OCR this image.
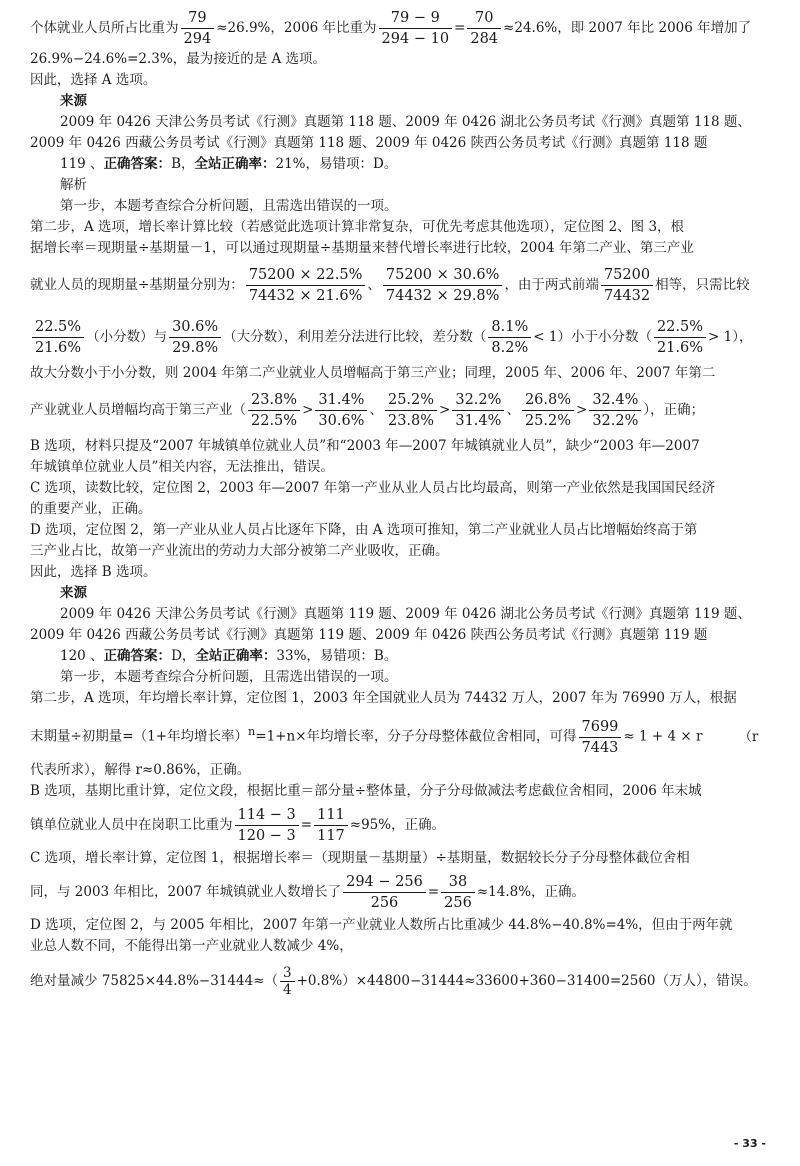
个体就业人员所占比重为 $\frac{79}{294} \approx 26.9\%$，2006 年比重为 $\frac{79 - 9}{294 - 10} = \frac{70}{284} \approx 24.6\%$，即 2007 年比 2006 年增加了

26.9%−24.6%=2.3%，最为接近的是 A 选项。

因此，选择 A 选项。

来源

2009 年 0426 天津公务员考试《行测》真题第 118 题、2009 年 0426 湖北公务员考试《行测》真题第 118 题、

2009 年 0426 西藏公务员考试《行测》真题第 118 题、2009 年 0426 陕西公务员考试《行测》真题第 118 题

119 、正确答案：B，全站正确率：21%，易错项：D。

解析

第一步，本题考查综合分析问题，且需选出错误的一项。

第二步，A 选项，增长率计算比较（若感觉此选项计算非常复杂，可优先考虑其他选项），定位图 2、图 3，根

据增长率＝现期量÷基期量－1，可以通过现期量÷基期量来替代增长率进行比较，2004 年第二产业、第三产业

就业人员的现期量÷基期量分别为： $\frac{75200 \times 22.5\%}{74432 \times 21.6\%}$ 、 $\frac{75200 \times 30.6\%}{74432 \times 29.8\%}$ ，由于两式前端 $\frac{75200}{74432}$ 相等，只需比较

$\frac{22.5\%}{21.6\%}$ （小分数）与 $\frac{30.6\%}{29.8\%}$ （大分数），利用差分法进行比较，差分数（ $\frac{8.1\%}{8.2\%} < 1$）小于小分数（ $\frac{22.5\%}{21.6\%} > 1$），

故大分数小于小分数，则 2004 年第二产业就业人员增幅高于第三产业；同理，2005 年、2006 年、2007 年第二

产业就业人员增幅均高于第三产业（ $\frac{23.8\%}{22.5\%} > \frac{31.4\%}{30.6\%}$ 、 $\frac{25.2\%}{23.8\%} > \frac{32.2\%}{31.4\%}$ 、 $\frac{26.8\%}{25.2\%} > \frac{32.4\%}{32.2\%}$ ），正确；

B 选项，材料只提及“2007 年城镇单位就业人员”和“2003 年—2007 年城镇就业人员”，缺少“2003 年—2007

年城镇单位就业人员”相关内容，无法推出，错误。

C 选项，读数比较，定位图 2，2003 年—2007 年第一产业从业人员占比均最高，则第一产业依然是我国国民经济

的重要产业，正确。

D 选项，定位图 2，第一产业从业人员占比逐年下降，由 A 选项可推知，第二产业就业人员占比增幅始终高于第

三产业占比，故第一产业流出的劳动力大部分被第二产业吸收，正确。

因此，选择 B 选项。

来源

2009 年 0426 天津公务员考试《行测》真题第 119 题、2009 年 0426 湖北公务员考试《行测》真题第 119 题、

2009 年 0426 西藏公务员考试《行测》真题第 119 题、2009 年 0426 陕西公务员考试《行测》真题第 119 题

120 、正确答案：D，全站正确率：33%，易错项：B。

第一步，本题考查综合分析问题，且需选出错误的一项。

第二步，A 选项，年均增长率计算，定位图 1，2003 年全国就业人员为 74432 万人，2007 年为 76990 万人，根据

末期量÷初期量=（1+年均增长率）$^n$=1+n×年均增长率，分子分母整体截位舍相同，可得 $\frac{7699}{7443} \approx 1 + 4 \times r$	（r

代表所求），解得 r≈0.86%，正确。

B 选项，基期比重计算，定位文段，根据比重＝部分量÷整体量，分子分母做减法考虑截位舍相同，2006 年末城

镇单位就业人员中在岗职工比重为 $\frac{114 - 3}{120 - 3} = \frac{111}{117} \approx 95\%$，正确。

C 选项，增长率计算，定位图 1，根据增长率＝（现期量－基期量）÷基期量，数据较长分子分母整体截位舍相

同，与 2003 年相比，2007 年城镇就业人数增长了 $\frac{294 - 256}{256} = \frac{38}{256} \approx 14.8\%$，正确。

D 选项，定位图 2，与 2005 年相比，2007 年第一产业就业人数所占比重减少 44.8%−40.8%=4%，但由于两年就

业总人数不同，不能得出第一产业就业人数减少 4%，

绝对量减少 $75825\times 44.8\%-31444\approx( \frac{3}{4} +0.8\%)\times 44800-31444\approx 33600+360-31400=2560$（万人），错误。

- 33 -
